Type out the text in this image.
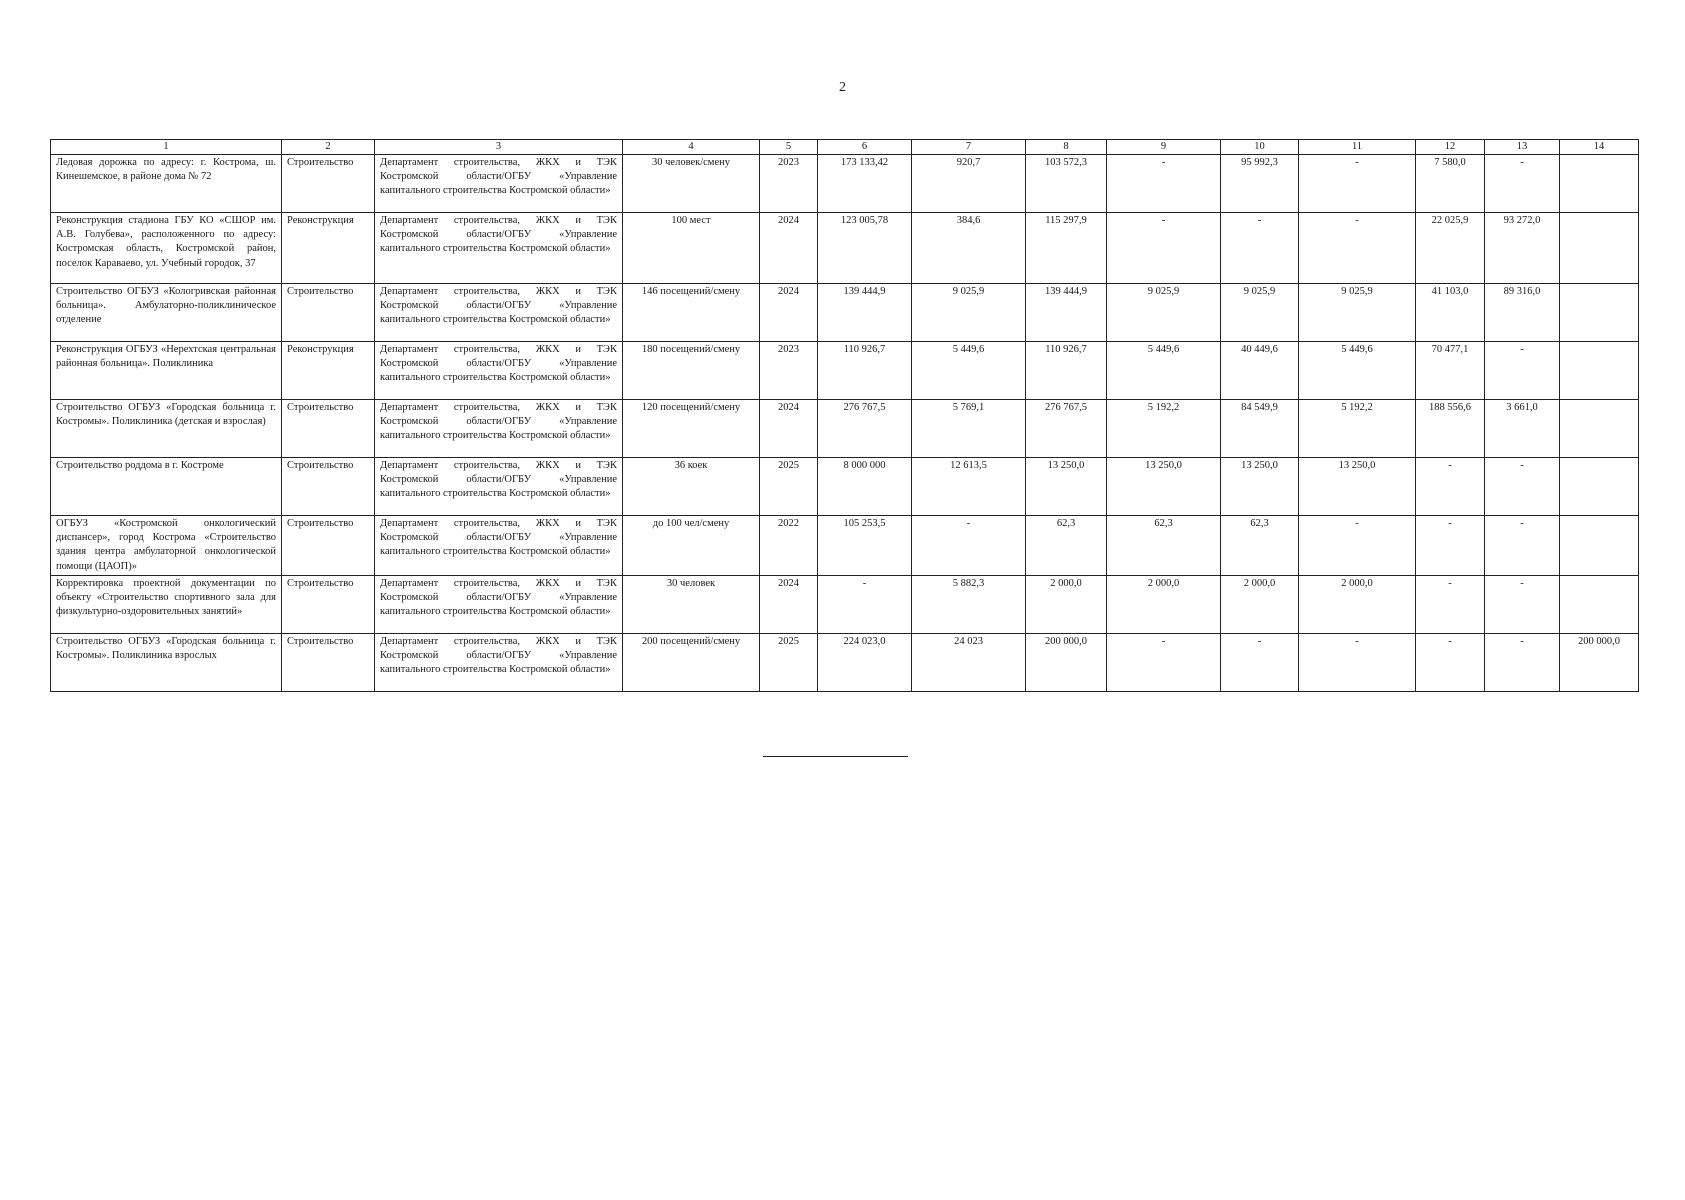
2
1	2	3	4	5	6	7	8	9	10	11	12	13	14
Ледовая дорожка по адресу: г. Кострома, ш. Кинешемское, в районе дома № 72	Строительство	Департамент строительства, ЖКХ и ТЭК Костромской области/ОГБУ «Управление капитального строительства Костромской области»	30 человек/смену	2023	173 133,42	920,7	103 572,3	-	95 992,3	-	7 580,0	-	
Реконструкция стадиона ГБУ КО «СШОР им. А.В. Голубева», расположенного по адресу: Костромская область, Костромской район, поселок Караваево, ул. Учебный городок, 37	Реконструкция	Департамент строительства, ЖКХ и ТЭК Костромской области/ОГБУ «Управление капитального строительства Костромской области»	100 мест	2024	123 005,78	384,6	115 297,9	-	-	-	22 025,9	93 272,0	
Строительство ОГБУЗ «Кологривская районная больница». Амбулаторно-поликлиническое отделение	Строительство	Департамент строительства, ЖКХ и ТЭК Костромской области/ОГБУ «Управление капитального строительства Костромской области»	146 посещений/смену	2024	139 444,9	9 025,9	139 444,9	9 025,9	9 025,9	9 025,9	41 103,0	89 316,0	
Реконструкция ОГБУЗ «Нерехтская центральная районная больница». Поликлиника	Реконструкция	Департамент строительства, ЖКХ и ТЭК Костромской области/ОГБУ «Управление капитального строительства Костромской области»	180 посещений/смену	2023	110 926,7	5 449,6	110 926,7	5 449,6	40 449,6	5 449,6	70 477,1	-	
Строительство ОГБУЗ «Городская больница г. Костромы». Поликлиника (детская и взрослая)	Строительство	Департамент строительства, ЖКХ и ТЭК Костромской области/ОГБУ «Управление капитального строительства Костромской области»	120 посещений/смену	2024	276 767,5	5 769,1	276 767,5	5 192,2	84 549,9	5 192,2	188 556,6	3 661,0	
Строительство роддома в г. Костроме	Строительство	Департамент строительства, ЖКХ и ТЭК Костромской области/ОГБУ «Управление капитального строительства Костромской области»	36 коек	2025	8 000 000	12 613,5	13 250,0	13 250,0	13 250,0	13 250,0	-	-	
ОГБУЗ «Костромской онкологический диспансер», город Кострома «Строительство здания центра амбулаторной онкологической помощи (ЦАОП)»	Строительство	Департамент строительства, ЖКХ и ТЭК Костромской области/ОГБУ «Управление капитального строительства Костромской области»	до 100 чел/смену	2022	105 253,5	-	62,3	62,3	62,3	-	-	-	
Корректировка проектной документации по объекту «Строительство спортивного зала для физкультурно-оздоровительных занятий»	Строительство	Департамент строительства, ЖКХ и ТЭК Костромской области/ОГБУ «Управление капитального строительства Костромской области»	30 человек	2024	-	5 882,3	2 000,0	2 000,0	2 000,0	2 000,0	-	-	
Строительство ОГБУЗ «Городская больница г. Костромы». Поликлиника взрослых	Строительство	Департамент строительства, ЖКХ и ТЭК Костромской области/ОГБУ «Управление капитального строительства Костромской области»	200 посещений/смену	2025	224 023,0	24 023	200 000,0	-	-	-	-	-	200 000,0
